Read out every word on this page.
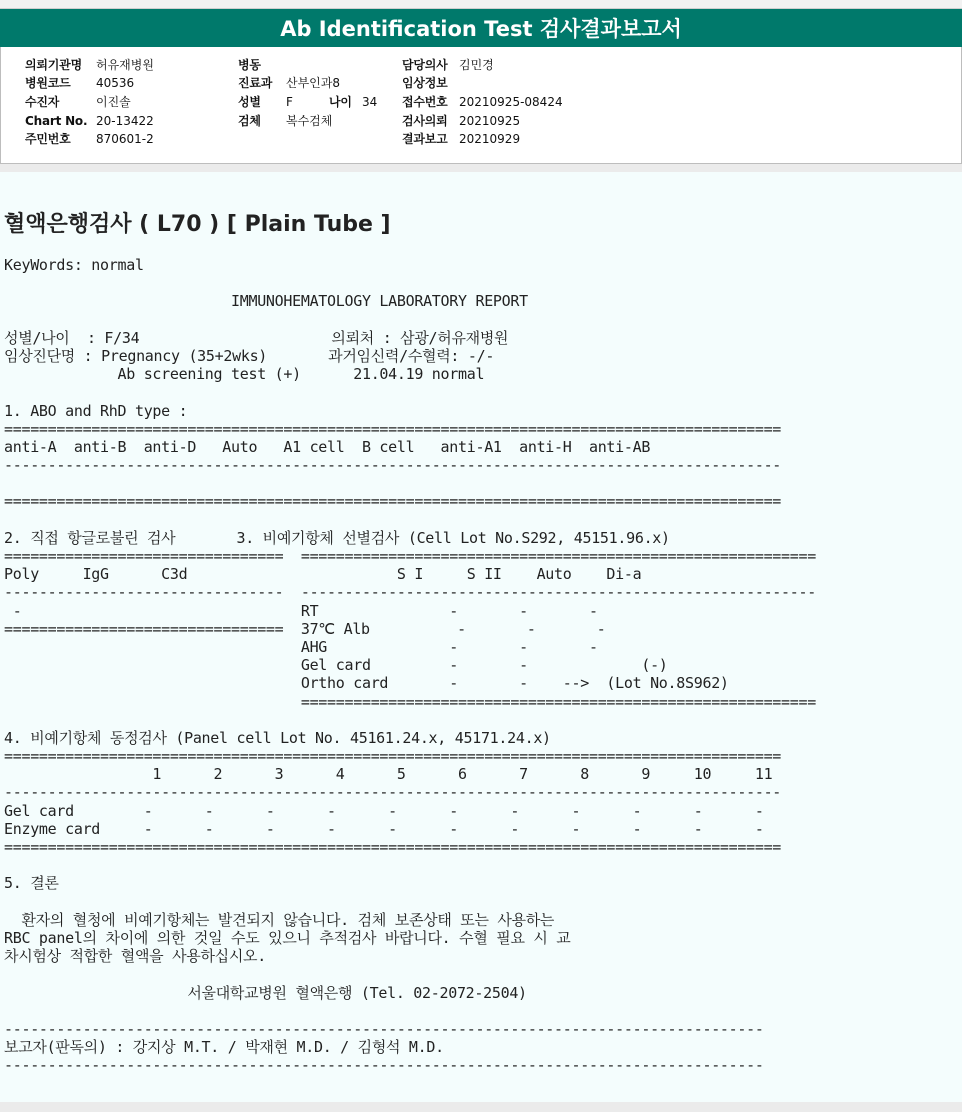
Ab Identification Test 검사결과보고서
의뢰기관명 허유재병원
병원코드 40536
수진자	이진솔
Chart No. 20-13422
주민번호 870601-2
병동
진료과 산부인과8
성별 F	나이 34
검체 복수검체
담당의사 김민경
임상정보
접수번호 20210925-08424
검사의뢰 20210925
결과보고 20210929
혈액은행검사 ( L70 ) [ Plain Tube ]
KeyWords: normal

IMMUNOHEMATOLOGY LABORATORY REPORT

성별/나이  : F/34                      의뢰처 : 삼광/허유재병원
임상진단명 : Pregnancy (35+2wks)       과거임신력/수혈력: -/-
Ab screening test (+)      21.04.19 normal

1. ABO and RhD type :
=========================================================================================
anti-A  anti-B  anti-D   Auto   A1 cell  B cell   anti-A1  anti-H  anti-AB
-----------------------------------------------------------------------------------------

=========================================================================================

2. 직접 항글로불린 검사       3. 비예기항체 선별검사 (Cell Lot No.S292, 45151.96.x)
================================  ===========================================================
Poly     IgG      C3d                        S I     S II    Auto    Di-a
--------------------------------  -----------------------------------------------------------
-                                RT               -       -       -
================================  37℃ Alb          -       -       -
AHG              -       -       -
Gel card         -       -             (-)
Ortho card       -       -    -->  (Lot No.8S962)
===========================================================

4. 비예기항체 동정검사 (Panel cell Lot No. 45161.24.x, 45171.24.x)
=========================================================================================
1      2      3      4      5      6      7      8      9     10     11
-----------------------------------------------------------------------------------------
Gel card        -      -      -      -      -      -      -      -      -      -      -
Enzyme card     -      -      -      -      -      -      -      -      -      -      -
=========================================================================================

5. 결론

환자의 혈청에 비예기항체는 발견되지 않습니다. 검체 보존상태 또는 사용하는
RBC panel의 차이에 의한 것일 수도 있으니 추적검사 바랍니다. 수혈 필요 시 교
차시험상 적합한 혈액을 사용하십시오.

서울대학교병원 혈액은행 (Tel. 02-2072-2504)

---------------------------------------------------------------------------------------
보고자(판독의) : 강지상 M.T. / 박재현 M.D. / 김형석 M.D.
---------------------------------------------------------------------------------------
